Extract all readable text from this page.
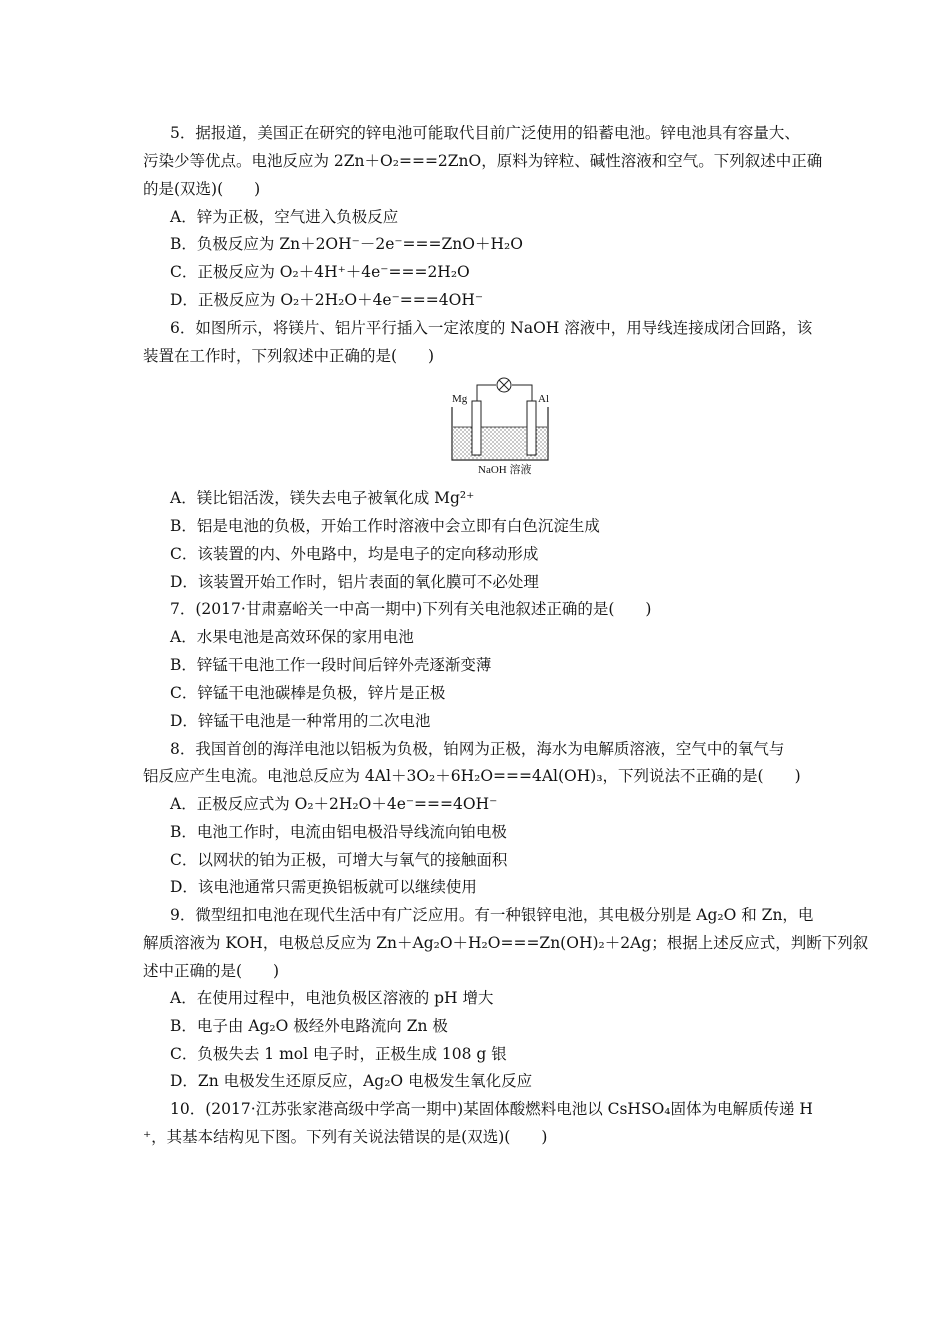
5．据报道，美国正在研究的锌电池可能取代目前广泛使用的铅蓄电池。锌电池具有容量大、
污染少等优点。电池反应为 2Zn＋O₂===2ZnO，原料为锌粒、碱性溶液和空气。下列叙述中正确
的是(双选)(　　)
A．锌为正极，空气进入负极反应
B．负极反应为 Zn＋2OH⁻－2e⁻===ZnO＋H₂O
C．正极反应为 O₂＋4H⁺＋4e⁻===2H₂O
D．正极反应为 O₂＋2H₂O＋4e⁻===4OH⁻
6．如图所示，将镁片、铝片平行插入一定浓度的 NaOH 溶液中，用导线连接成闭合回路，该
装置在工作时，下列叙述中正确的是(　　)
Mg	Al
NaOH 溶液
A．镁比铝活泼，镁失去电子被氧化成 Mg²⁺
B．铝是电池的负极，开始工作时溶液中会立即有白色沉淀生成
C．该装置的内、外电路中，均是电子的定向移动形成
D．该装置开始工作时，铝片表面的氧化膜可不必处理
7．(2017·甘肃嘉峪关一中高一期中)下列有关电池叙述正确的是(　　)
A．水果电池是高效环保的家用电池
B．锌锰干电池工作一段时间后锌外壳逐渐变薄
C．锌锰干电池碳棒是负极，锌片是正极
D．锌锰干电池是一种常用的二次电池
8．我国首创的海洋电池以铝板为负极，铂网为正极，海水为电解质溶液，空气中的氧气与
铝反应产生电流。电池总反应为 4Al＋3O₂＋6H₂O===4Al(OH)₃，下列说法不正确的是(　　)
A．正极反应式为 O₂＋2H₂O＋4e⁻===4OH⁻
B．电池工作时，电流由铝电极沿导线流向铂电极
C．以网状的铂为正极，可增大与氧气的接触面积
D．该电池通常只需更换铝板就可以继续使用
9．微型纽扣电池在现代生活中有广泛应用。有一种银锌电池，其电极分别是 Ag₂O 和 Zn，电
解质溶液为 KOH，电极总反应为 Zn＋Ag₂O＋H₂O===Zn(OH)₂＋2Ag；根据上述反应式，判断下列叙
述中正确的是(　　)
A．在使用过程中，电池负极区溶液的 pH 增大
B．电子由 Ag₂O 极经外电路流向 Zn 极
C．负极失去 1 mol 电子时，正极生成 108 g 银
D．Zn 电极发生还原反应，Ag₂O 电极发生氧化反应
10．(2017·江苏张家港高级中学高一期中)某固体酸燃料电池以 CsHSO₄固体为电解质传递 H
⁺，其基本结构见下图。下列有关说法错误的是(双选)(　　)
